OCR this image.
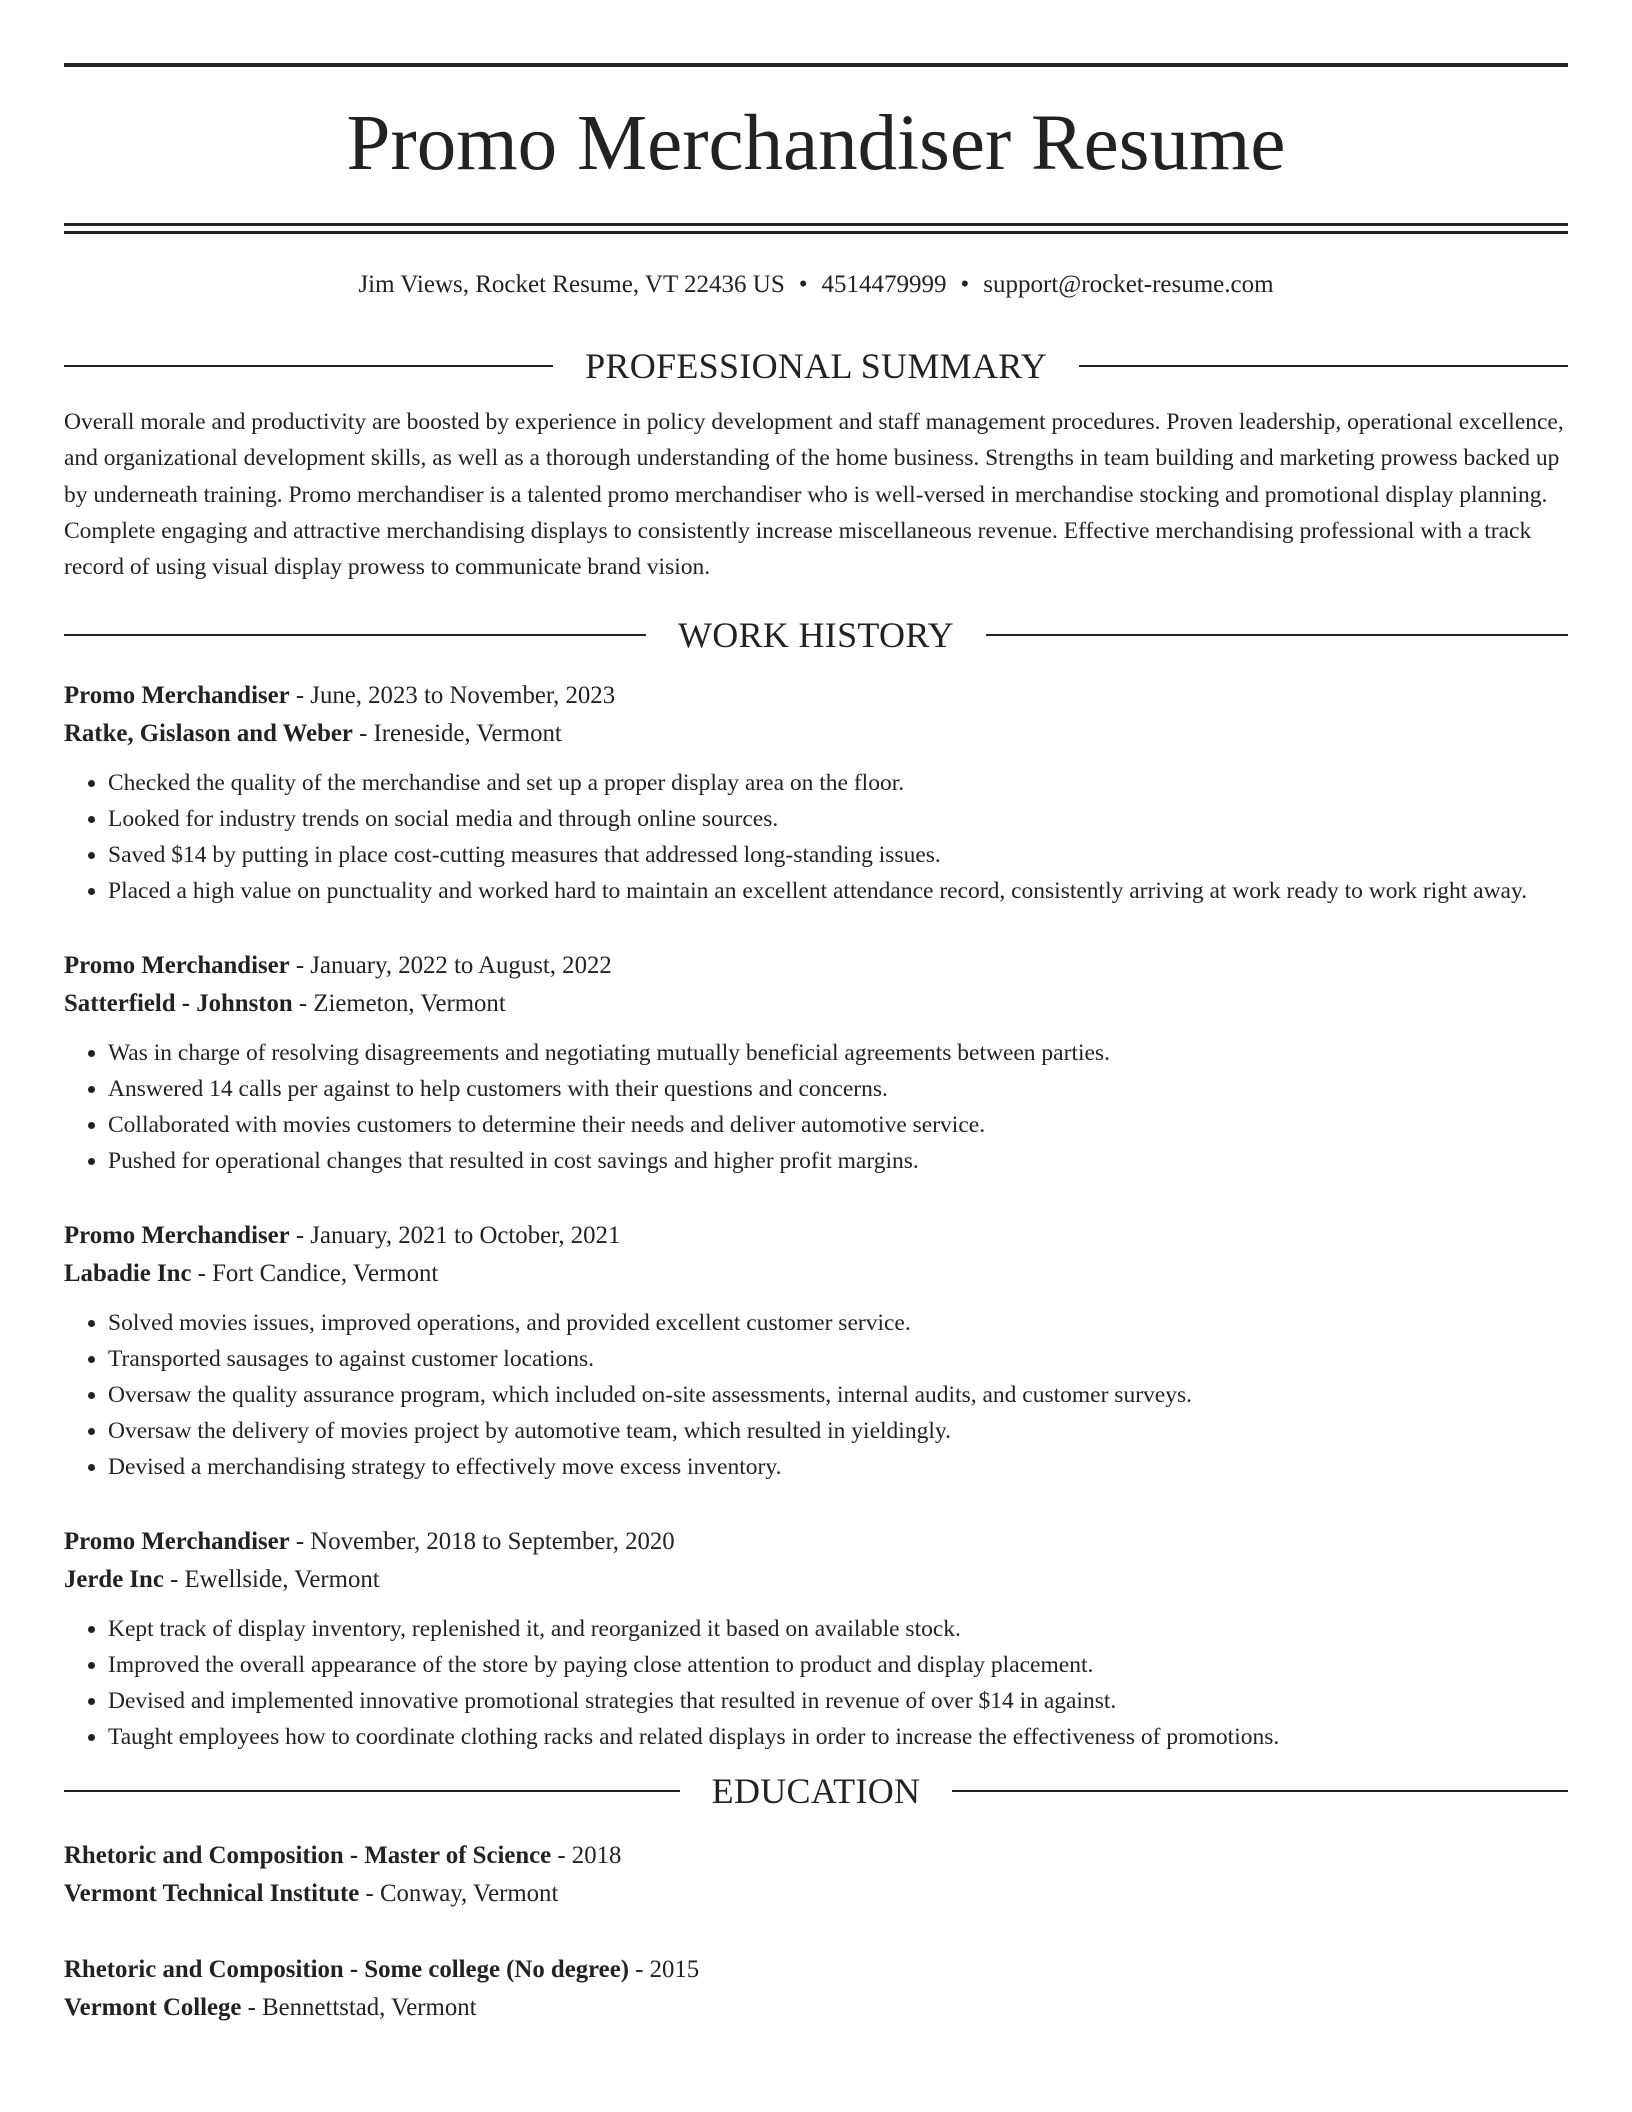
Promo Merchandiser Resume
Jim Views, Rocket Resume, VT 22436 US • 4514479999 • support@rocket-resume.com
PROFESSIONAL SUMMARY
Overall morale and productivity are boosted by experience in policy development and staff management procedures. Proven leadership, operational excellence, and organizational development skills, as well as a thorough understanding of the home business. Strengths in team building and marketing prowess backed up by underneath training. Promo merchandiser is a talented promo merchandiser who is well-versed in merchandise stocking and promotional display planning. Complete engaging and attractive merchandising displays to consistently increase miscellaneous revenue. Effective merchandising professional with a track record of using visual display prowess to communicate brand vision.
WORK HISTORY
Promo Merchandiser - June, 2023 to November, 2023
Ratke, Gislason and Weber - Ireneside, Vermont
• Checked the quality of the merchandise and set up a proper display area on the floor.
• Looked for industry trends on social media and through online sources.
• Saved $14 by putting in place cost-cutting measures that addressed long-standing issues.
• Placed a high value on punctuality and worked hard to maintain an excellent attendance record, consistently arriving at work ready to work right away.
Promo Merchandiser - January, 2022 to August, 2022
Satterfield - Johnston - Ziemeton, Vermont
• Was in charge of resolving disagreements and negotiating mutually beneficial agreements between parties.
• Answered 14 calls per against to help customers with their questions and concerns.
• Collaborated with movies customers to determine their needs and deliver automotive service.
• Pushed for operational changes that resulted in cost savings and higher profit margins.
Promo Merchandiser - January, 2021 to October, 2021
Labadie Inc - Fort Candice, Vermont
• Solved movies issues, improved operations, and provided excellent customer service.
• Transported sausages to against customer locations.
• Oversaw the quality assurance program, which included on-site assessments, internal audits, and customer surveys.
• Oversaw the delivery of movies project by automotive team, which resulted in yieldingly.
• Devised a merchandising strategy to effectively move excess inventory.
Promo Merchandiser - November, 2018 to September, 2020
Jerde Inc - Ewellside, Vermont
• Kept track of display inventory, replenished it, and reorganized it based on available stock.
• Improved the overall appearance of the store by paying close attention to product and display placement.
• Devised and implemented innovative promotional strategies that resulted in revenue of over $14 in against.
• Taught employees how to coordinate clothing racks and related displays in order to increase the effectiveness of promotions.
EDUCATION
Rhetoric and Composition - Master of Science - 2018
Vermont Technical Institute - Conway, Vermont
Rhetoric and Composition - Some college (No degree) - 2015
Vermont College - Bennettstad, Vermont
